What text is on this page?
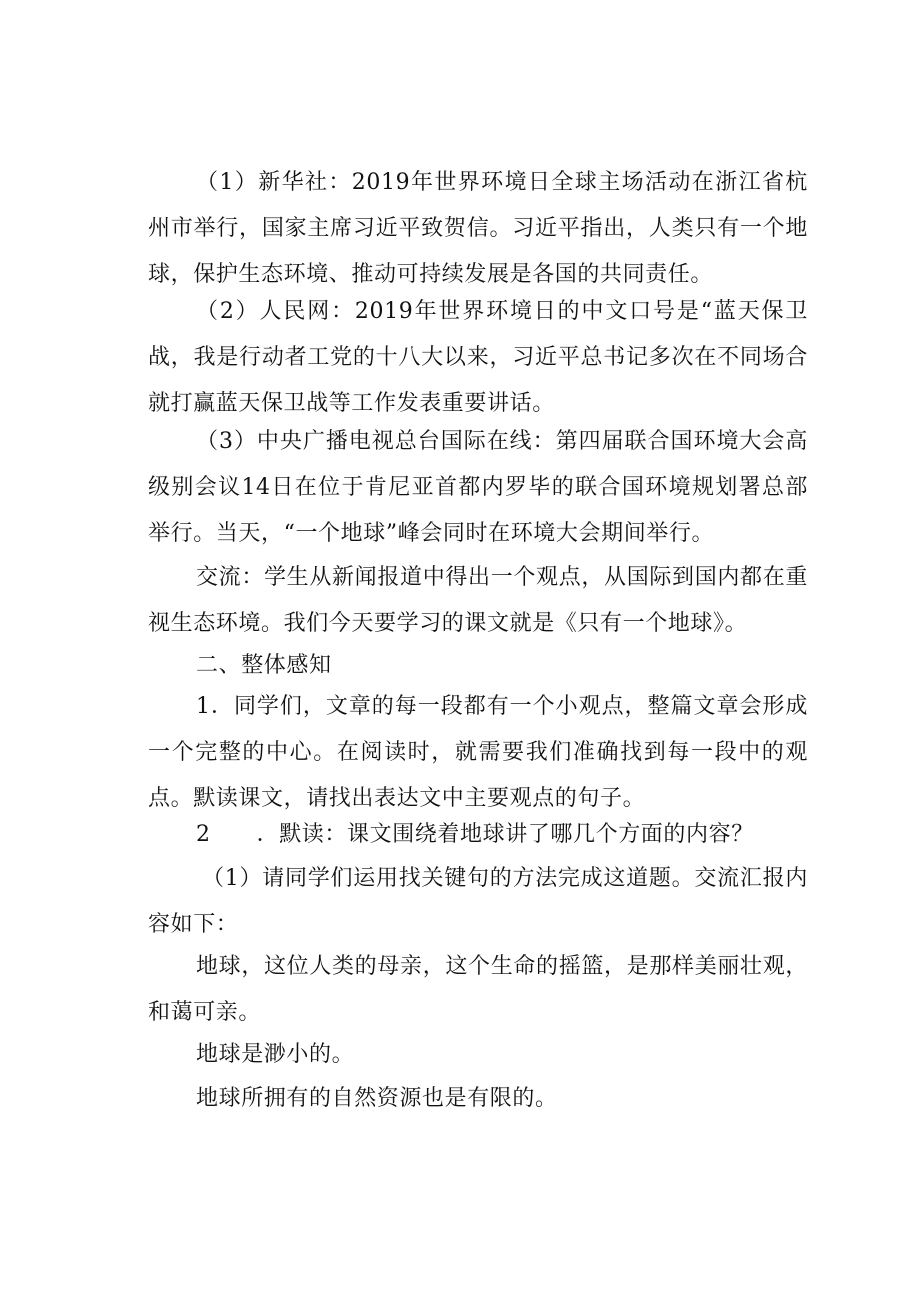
（1）新华社：2019年世界环境日全球主场活动在浙江省杭州市举行，国家主席习近平致贺信。习近平指出，人类只有一个地球，保护生态环境、推动可持续发展是各国的共同责任。

（2）人民网：2019年世界环境日的中文口号是“蓝天保卫战，我是行动者工党的十八大以来，习近平总书记多次在不同场合就打赢蓝天保卫战等工作发表重要讲话。

（3）中央广播电视总台国际在线：第四届联合国环境大会高级别会议14日在位于肯尼亚首都内罗毕的联合国环境规划署总部举行。当天，“一个地球”峰会同时在环境大会期间举行。

交流：学生从新闻报道中得出一个观点，从国际到国内都在重视生态环境。我们今天要学习的课文就是《只有一个地球》。

二、整体感知

1．同学们，文章的每一段都有一个小观点，整篇文章会形成一个完整的中心。在阅读时，就需要我们准确找到每一段中的观点。默读课文，请找出表达文中主要观点的句子。

2 ．默读：课文围绕着地球讲了哪几个方面的内容？

（1）请同学们运用找关键句的方法完成这道题。交流汇报内容如下：

地球，这位人类的母亲，这个生命的摇篮，是那样美丽壮观，和蔼可亲。

地球是渺小的。

地球所拥有的自然资源也是有限的。
